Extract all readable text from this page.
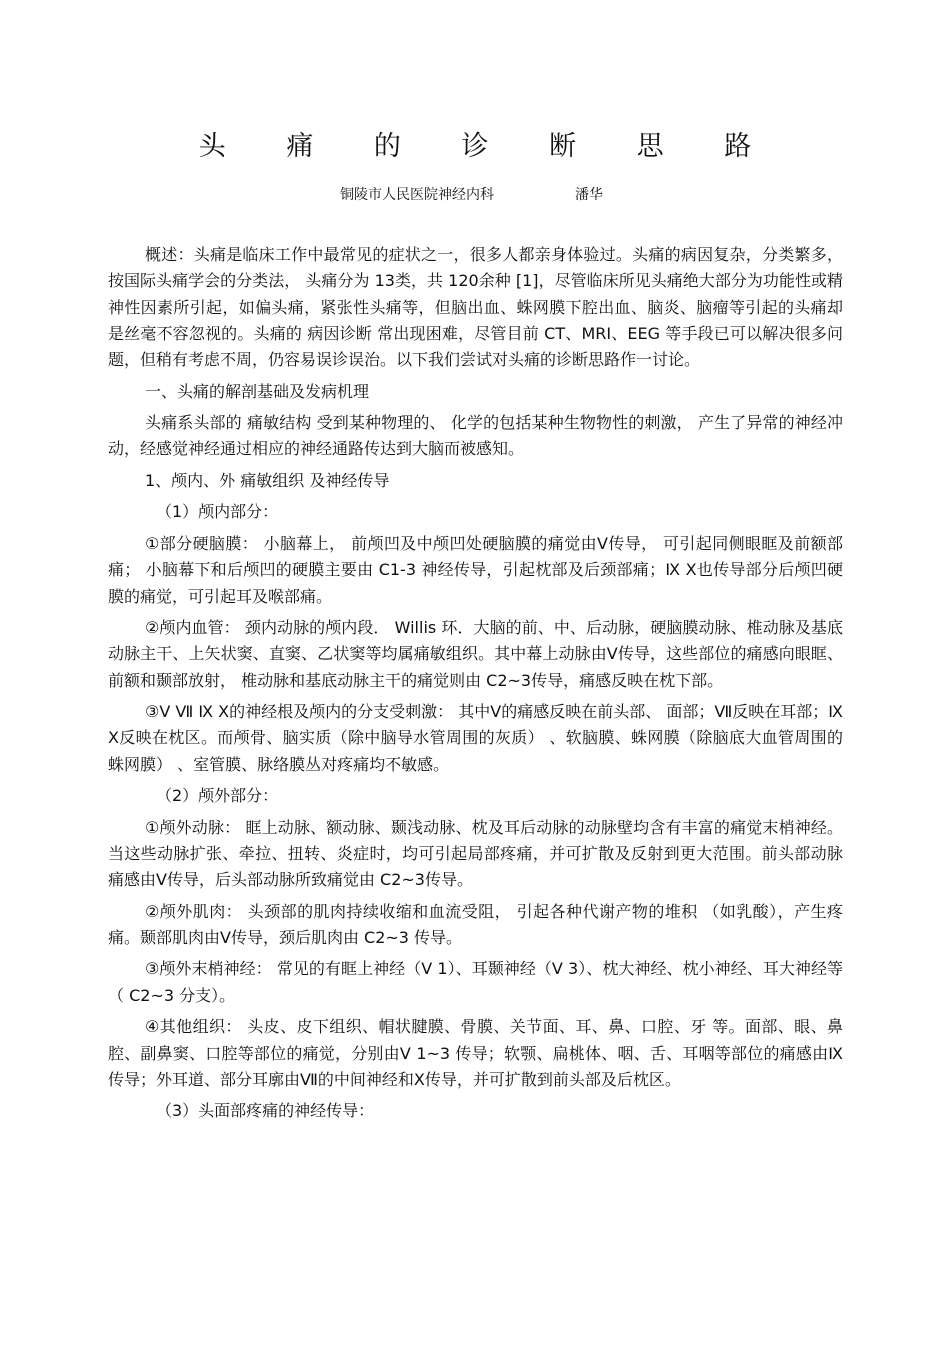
头 痛 的 诊 断 思 路
铜陵市人民医院神经内科	潘华

概述：头痛是临床工作中最常见的症状之一，很多人都亲身体验过。头痛的病因复杂，分类繁多，按国际头痛学会的分类法， 头痛分为 13类，共 120余种 [1]，尽管临床所见头痛绝大部分为功能性或精神性因素所引起，如偏头痛，紧张性头痛等，但脑出血、蛛网膜下腔出血、脑炎、脑瘤等引起的头痛却是丝毫不容忽视的。头痛的 病因诊断 常出现困难，尽管目前 CT、MRI、EEG 等手段已可以解决很多问题，但稍有考虑不周，仍容易误诊误治。以下我们尝试对头痛的诊断思路作一讨论。

一、头痛的解剖基础及发病机理

头痛系头部的 痛敏结构 受到某种物理的、 化学的包括某种生物物性的刺激， 产生了异常的神经冲动，经感觉神经通过相应的神经通路传达到大脑而被感知。

1、颅内、外 痛敏组织 及神经传导

（1）颅内部分：

①部分硬脑膜： 小脑幕上， 前颅凹及中颅凹处硬脑膜的痛觉由Ⅴ传导， 可引起同侧眼眶及前额部痛； 小脑幕下和后颅凹的硬膜主要由 C1-3 神经传导，引起枕部及后颈部痛；Ⅸ Ⅹ也传导部分后颅凹硬膜的痛觉，可引起耳及喉部痛。

②颅内血管： 颈内动脉的颅内段． Willis 环．大脑的前、中、后动脉，硬脑膜动脉、椎动脉及基底动脉主干、上矢状窦、直窦、乙状窦等均属痛敏组织。其中幕上动脉由Ⅴ传导，这些部位的痛感向眼眶、 前额和颞部放射， 椎动脉和基底动脉主干的痛觉则由 C2~3传导，痛感反映在枕下部。

③Ⅴ Ⅶ Ⅸ Ⅹ的神经根及颅内的分支受刺激： 其中Ⅴ的痛感反映在前头部、 面部；Ⅶ反映在耳部；Ⅸ Ⅹ反映在枕区。而颅骨、脑实质（除中脑导水管周围的灰质） 、软脑膜、蛛网膜（除脑底大血管周围的蛛网膜） 、室管膜、脉络膜丛对疼痛均不敏感。

（2）颅外部分：

①颅外动脉： 眶上动脉、额动脉、颞浅动脉、枕及耳后动脉的动脉壁均含有丰富的痛觉末梢神经。当这些动脉扩张、牵拉、扭转、炎症时，均可引起局部疼痛，并可扩散及反射到更大范围。前头部动脉痛感由Ⅴ传导，后头部动脉所致痛觉由 C2~3传导。

②颅外肌肉： 头颈部的肌肉持续收缩和血流受阻， 引起各种代谢产物的堆积 （如乳酸），产生疼痛。颞部肌肉由Ⅴ传导，颈后肌肉由 C2~3 传导。

③颅外末梢神经： 常见的有眶上神经（Ⅴ 1）、耳颞神经（Ⅴ 3）、枕大神经、枕小神经、耳大神经等（ C2~3 分支）。

④其他组织： 头皮、皮下组织、帽状腱膜、骨膜、关节面、耳、鼻、口腔、牙 等。面部、眼、鼻腔、副鼻窦、口腔等部位的痛觉，分别由Ⅴ 1~3 传导；软颚、扁桃体、咽、舌、耳咽等部位的痛感由Ⅸ传导；外耳道、部分耳廓由Ⅶ的中间神经和Ⅹ传导，并可扩散到前头部及后枕区。

（3）头面部疼痛的神经传导：
